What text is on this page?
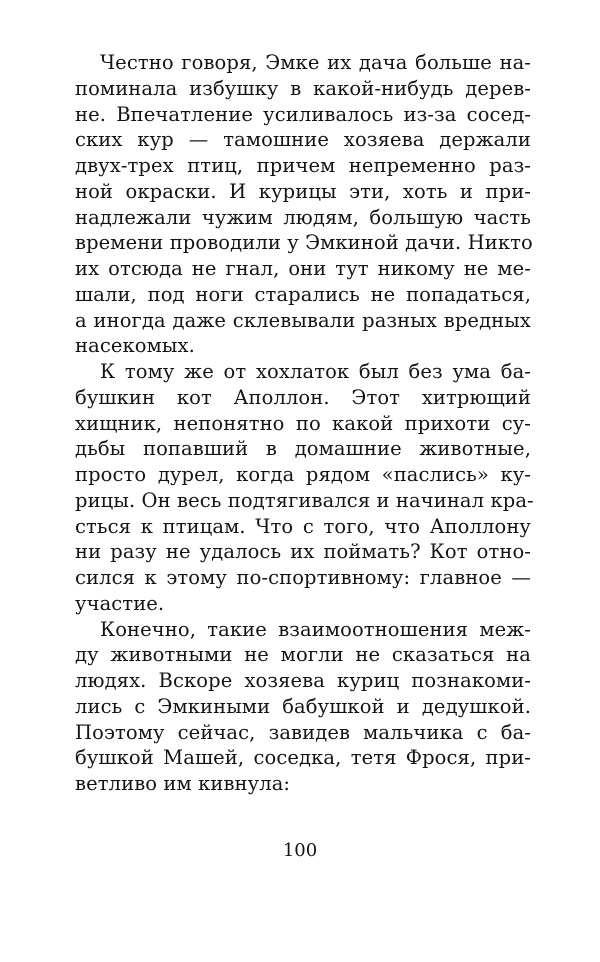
Честно говоря, Эмке их дача больше на-
поминала избушку в какой-нибудь дерев-
не. Впечатление усиливалось из-за сосед-
ских кур — тамошние хозяева держали
двух-трех птиц, причем непременно раз-
ной окраски. И курицы эти, хоть и при-
надлежали чужим людям, большую часть
времени проводили у Эмкиной дачи. Никто
их отсюда не гнал, они тут никому не ме-
шали, под ноги старались не попадаться,
а иногда даже склевывали разных вредных
насекомых.
К тому же от хохлаток был без ума ба-
бушкин кот Аполлон. Этот хитрющий
хищник, непонятно по какой прихоти су-
дьбы попавший в домашние животные,
просто дурел, когда рядом «паслись» ку-
рицы. Он весь подтягивался и начинал кра-
сться к птицам. Что с того, что Аполлону
ни разу не удалось их поймать? Кот отно-
сился к этому по-спортивному: главное —
участие.
Конечно, такие взаимоотношения меж-
ду животными не могли не сказаться на
людях. Вскоре хозяева куриц познакоми-
лись с Эмкиными бабушкой и дедушкой.
Поэтому сейчас, завидев мальчика с ба-
бушкой Машей, соседка, тетя Фрося, при-
ветливо им кивнула:
100
